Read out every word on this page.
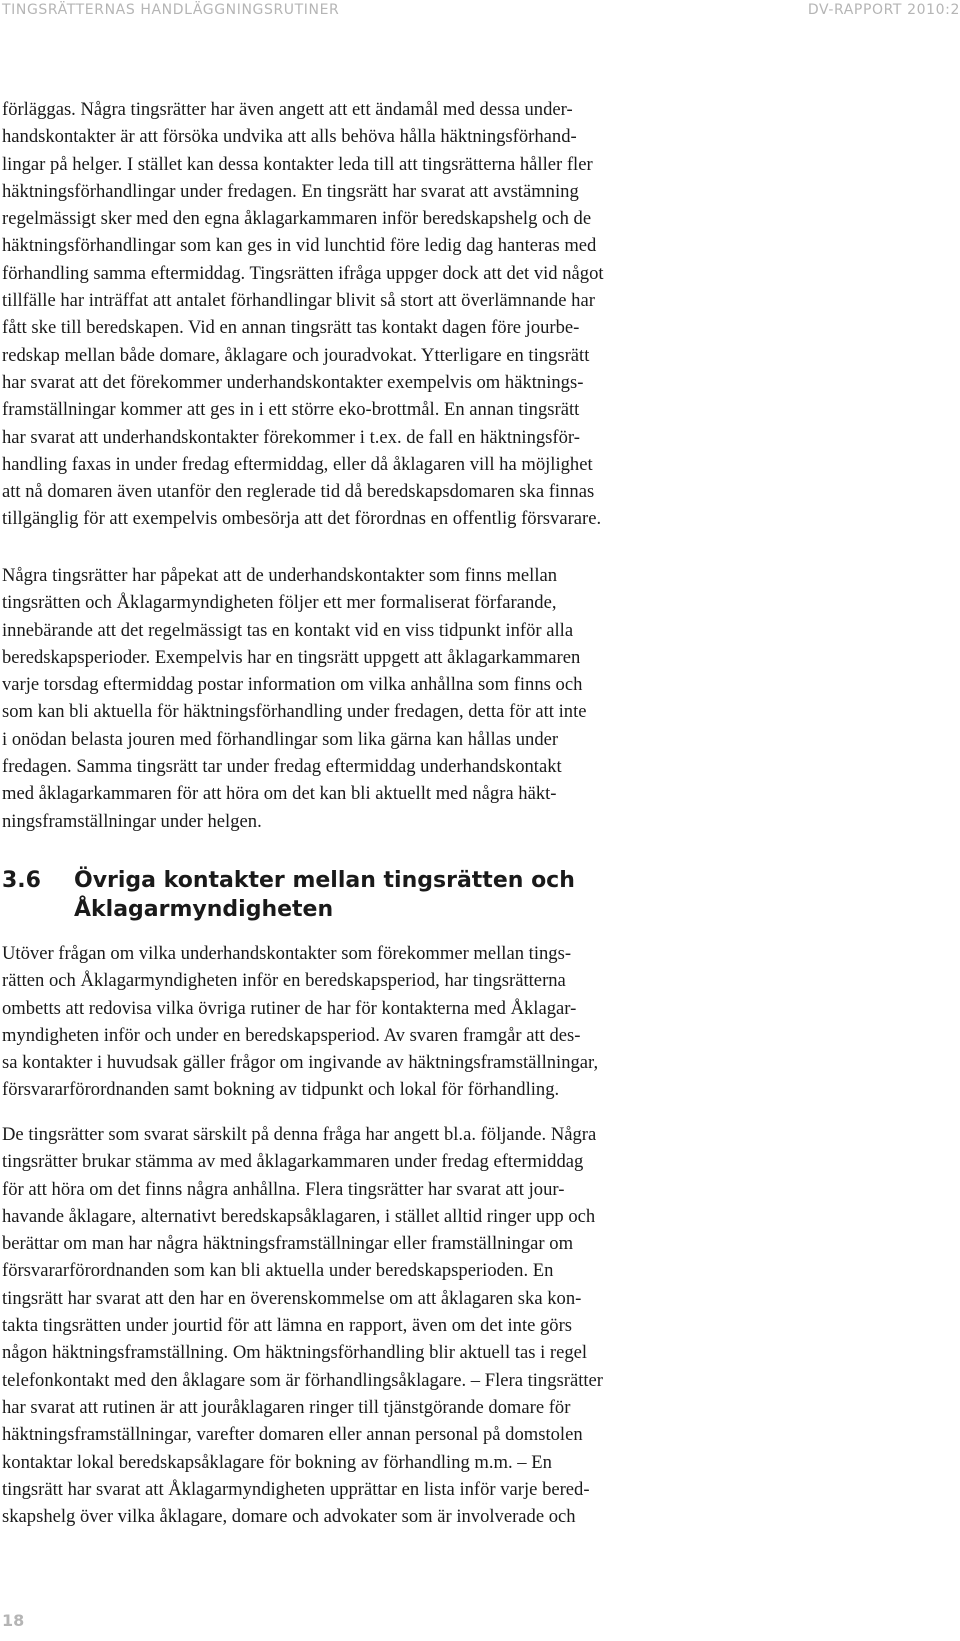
TINGSRÄTTERNAS HANDLÄGGNINGSRUTINER	DV-RAPPORT 2010:2

förläggas. Några tingsrätter har även angett att ett ändamål med dessa under-
handskontakter är att försöka undvika att alls behöva hålla häktningsförhand-
lingar på helger. I stället kan dessa kontakter leda till att tingsrätterna håller fler
häktningsförhandlingar under fredagen. En tingsrätt har svarat att avstämning
regelmässigt sker med den egna åklagarkammaren inför beredskapshelg och de
häktningsförhandlingar som kan ges in vid lunchtid före ledig dag hanteras med
förhandling samma eftermiddag. Tingsrätten ifråga uppger dock att det vid något
tillfälle har inträffat att antalet förhandlingar blivit så stort att överlämnande har
fått ske till beredskapen. Vid en annan tingsrätt tas kontakt dagen före jourbe-
redskap mellan både domare, åklagare och jouradvokat. Ytterligare en tingsrätt
har svarat att det förekommer underhandskontakter exempelvis om häktnings-
framställningar kommer att ges in i ett större eko-brottmål. En annan tingsrätt
har svarat att underhandskontakter förekommer i t.ex. de fall en häktningsför-
handling faxas in under fredag eftermiddag, eller då åklagaren vill ha möjlighet
att nå domaren även utanför den reglerade tid då beredskapsdomaren ska finnas
tillgänglig för att exempelvis ombesörja att det förordnas en offentlig försvarare.

Några tingsrätter har påpekat att de underhandskontakter som finns mellan
tingsrätten och Åklagarmyndigheten följer ett mer formaliserat förfarande,
innebärande att det regelmässigt tas en kontakt vid en viss tidpunkt inför alla
beredskapsperioder. Exempelvis har en tingsrätt uppgett att åklagarkammaren
varje torsdag eftermiddag postar information om vilka anhållna som finns och
som kan bli aktuella för häktningsförhandling under fredagen, detta för att inte
i onödan belasta jouren med förhandlingar som lika gärna kan hållas under
fredagen. Samma tingsrätt tar under fredag eftermiddag underhandskontakt
med åklagarkammaren för att höra om det kan bli aktuellt med några häkt-
ningsframställningar under helgen.

3.6 Övriga kontakter mellan tingsrätten och Åklagarmyndigheten

Utöver frågan om vilka underhandskontakter som förekommer mellan tings-
rätten och Åklagarmyndigheten inför en beredskapsperiod, har tingsrätterna
ombetts att redovisa vilka övriga rutiner de har för kontakterna med Åklagar-
myndigheten inför och under en beredskapsperiod. Av svaren framgår att des-
sa kontakter i huvudsak gäller frågor om ingivande av häktningsframställningar,
försvararförordnanden samt bokning av tidpunkt och lokal för förhandling.

De tingsrätter som svarat särskilt på denna fråga har angett bl.a. följande. Några
tingsrätter brukar stämma av med åklagarkammaren under fredag eftermiddag
för att höra om det finns några anhållna. Flera tingsrätter har svarat att jour-
havande åklagare, alternativt beredskapsåklagaren, i stället alltid ringer upp och
berättar om man har några häktningsframställningar eller framställningar om
försvararförordnanden som kan bli aktuella under beredskapsperioden. En
tingsrätt har svarat att den har en överenskommelse om att åklagaren ska kon-
takta tingsrätten under jourtid för att lämna en rapport, även om det inte görs
någon häktningsframställning. Om häktningsförhandling blir aktuell tas i regel
telefonkontakt med den åklagare som är förhandlingsåklagare. – Flera tingsrätter
har svarat att rutinen är att jouråklagaren ringer till tjänstgörande domare för
häktningsframställningar, varefter domaren eller annan personal på domstolen
kontaktar lokal beredskapsåklagare för bokning av förhandling m.m. – En
tingsrätt har svarat att Åklagarmyndigheten upprättar en lista inför varje bered-
skapshelg över vilka åklagare, domare och advokater som är involverade och

18
